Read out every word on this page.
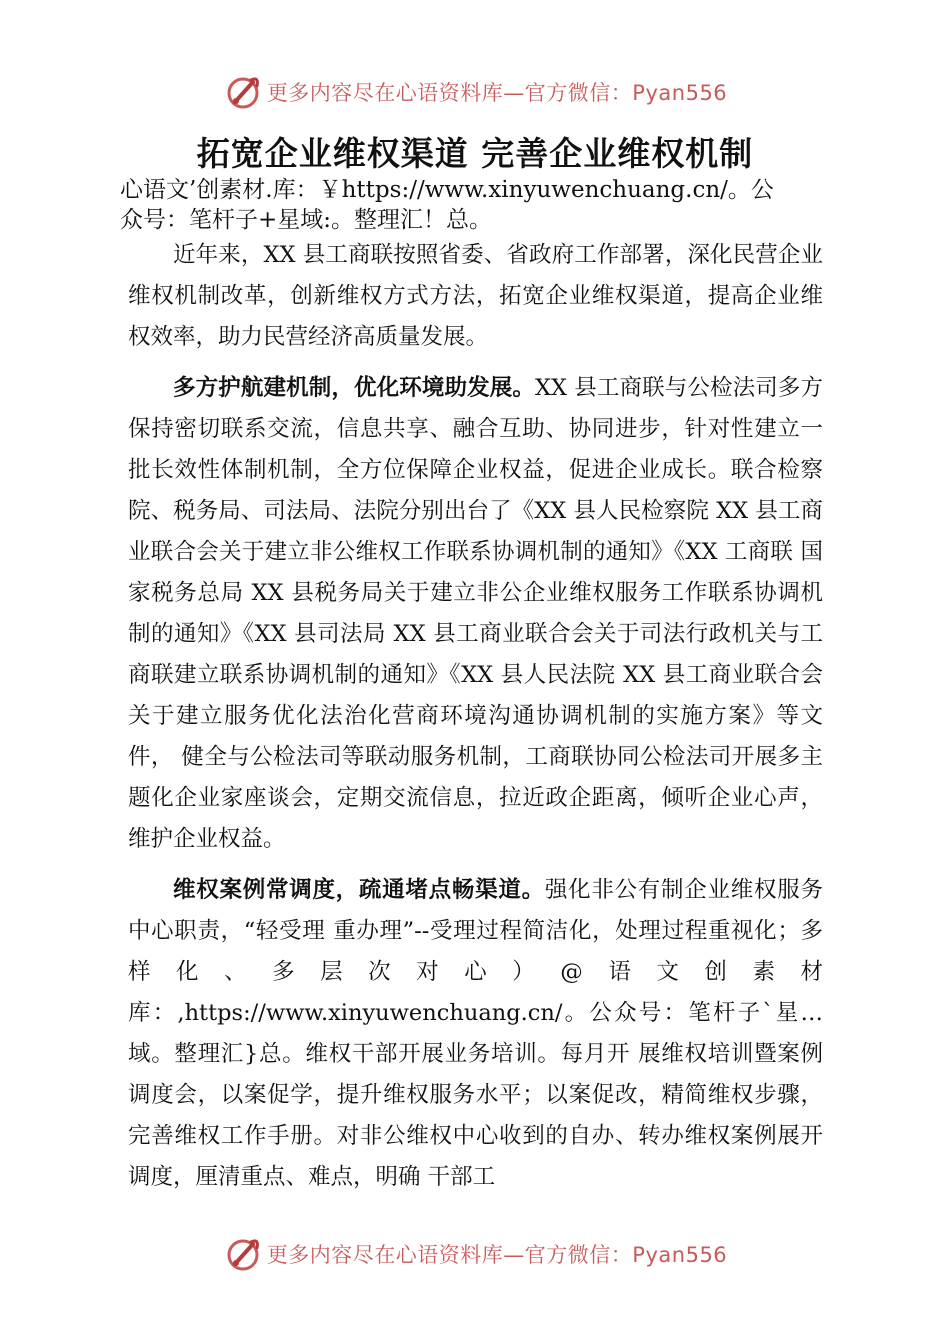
更多内容尽在心语资料库—官方微信：Pyan556
拓宽企业维权渠道 完善企业维权机制

心语文’创素材.库：￥https://www.xinyuwenchuang.cn/。公

众号：笔杆子+星域:。整理汇！总。

近年来，XX 县工商联按照省委、省政府工作部署，深化民营企业维权机制改革，创新维权方式方法，拓宽企业维权渠道，提高企业维权效率，助力民营经济高质量发展。

多方护航建机制，优化环境助发展。XX 县工商联与公检法司多方保持密切联系交流，信息共享、融合互助、协同进步，针对性建立一批长效性体制机制，全方位保障企业权益，促进企业成长。联合检察院、税务局、司法局、法院分别出台了《XX 县人民检察院 XX 县工商业联合会关于建立非公维权工作联系协调机制的通知》《XX 工商联 国家税务总局 XX 县税务局关于建立非公企业维权服务工作联系协调机制的通知》《XX 县司法局 XX 县工商业联合会关于司法行政机关与工商联建立联系协调机制的通知》《XX 县人民法院 XX 县工商业联合会关于建立服务优化法治化营商环境沟通协调机制的实施方案》等文件， 健全与公检法司等联动服务机制，工商联协同公检法司开展多主题化企业家座谈会，定期交流信息，拉近政企距离，倾听企业心声，维护企业权益。

维权案例常调度，疏通堵点畅渠道。强化非公有制企业维权服务中心职责，“轻受理 重办理”--受理过程简洁化，处理过程重视化；多样化、多层次对心）@语文创素材库：,https://www.xinyuwenchuang.cn/。公众号：笔杆子`星…域。整理汇}总。维权干部开展业务培训。每月开 展维权培训暨案例调度会，以案促学，提升维权服务水平；以案促改，精简维权步骤，完善维权工作手册。对非公维权中心收到的自办、转办维权案例展开调度，厘清重点、难点，明确 干部工

更多内容尽在心语资料库—官方微信：Pyan556
